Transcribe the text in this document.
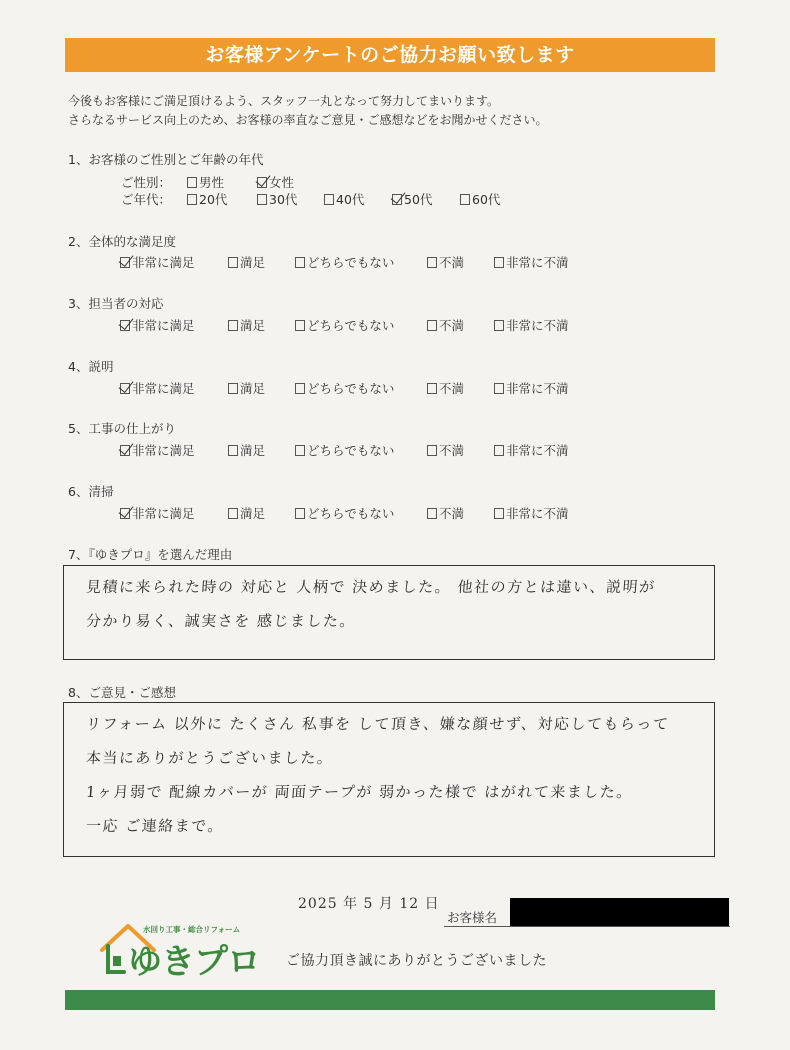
お客様アンケートのご協力お願い致します
今後もお客様にご満足頂けるよう、スタッフ一丸となって努力してまいります。
さらなるサービス向上のため、お客様の率直なご意見・ご感想などをお聞かせください。
1、お客様のご性別とご年齢の年代
ご性別： 男性	女性
ご年代： 20代	30代	40代	50代	60代
2、全体的な満足度
非常に満足	満足	どちらでもない	不満	非常に不満
3、担当者の対応
非常に満足	満足	どちらでもない	不満	非常に不満
4、説明
非常に満足	満足	どちらでもない	不満	非常に不満
5、工事の仕上がり
非常に満足	満足	どちらでもない	不満	非常に不満
6、清掃
非常に満足	満足	どちらでもない	不満	非常に不満
7、『ゆきプロ』を選んだ理由
見積に来られた時の 対応と 人柄で 決めました。 他社の方とは違い、説明が
分かり易く、誠実さを 感じました。
8、ご意見・ご感想
リフォーム 以外に たくさん 私事を して頂き、嫌な顔せず、対応してもらって
本当にありがとうございました。
1ヶ月弱で 配線カバーが 両面テープが 弱かった様で はがれて来ました。
一応 ご連絡まで。
2025 年 5 月 12 日
お客様名
水回り工事・総合リフォーム
ゆきプロ ご協力頂き誠にありがとうございました
